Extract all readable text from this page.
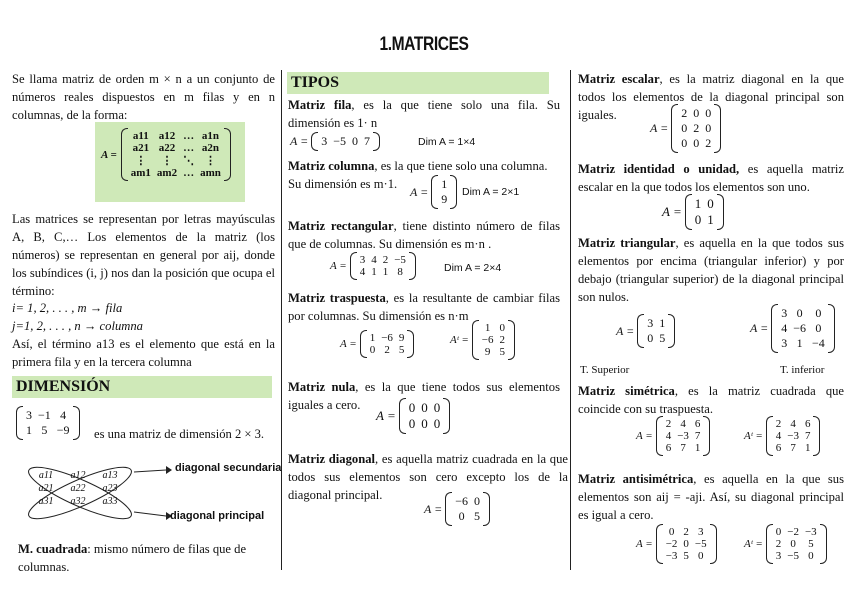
1.MATRICES
Se llama matriz de orden m × n a un conjunto de números reales dispuestos en m filas y en n columnas, de la forma:
A =
a11 a12 … a1n
a21 a22 … a2n
⋮	⋮ ⋱ ⋮
am1 am2 … amn
Las matrices se representan por letras mayúsculas A, B, C,… Los elementos de la matriz (los números) se representan en general por aij, donde los subíndices (i, j) nos dan la posición que ocupa el término:
i= 1, 2, . . . , m → fila
j=1, 2, . . . , n → columna
Así, el término a13 es el elemento que está en la primera fila y en la tercera columna
DIMENSIÓN
3 −1 4
1 5 −9 es una matriz de dimensión 2 × 3.
a11	a12	a13
a21	a22	a23
a31	a32	a33
diagonal secundaria
diagonal principal
M. cuadrada: mismo número de filas que de columnas.
TIPOS
Matriz fila, es la que tiene solo una fila. Su dimensión es 1· n
A = 3 −5 0 7	Dim A = 1×4
Matriz columna, es la que tiene solo una columna. Su dimensión es m·1.
A =
1
9 Dim A = 2×1
Matriz rectangular, tiene distinto número de filas que de columnas. Su dimensión es m·n .
A = 3 4 2 −5
4 1 1 8	Dim A = 2×4
Matriz traspuesta, es la resultante de cambiar filas por columnas. Su dimensión es n·m
A = 1 −6 9
0 2 5
Aᵗ =
1 0
−6 2
9 5
Matriz nula, es la que tiene todos sus elementos iguales a cero.
A =
0 0 0
0 0 0
Matriz diagonal, es aquella matriz cuadrada en la que todos sus elementos son cero excepto los de la diagonal principal.
A =
−6 0
0 5
Matriz escalar, es la matriz diagonal en la que todos los elementos de la diagonal principal son iguales.
A =
2 0 0
0 2 0
0 0 2
Matriz identidad o unidad, es aquella matriz escalar en la que todos los elementos son uno.
A =
1 0
0 1
Matriz triangular, es aquella en la que todos sus elementos por encima (triangular inferior) y por debajo (triangular superior) de la diagonal principal son nulos.
A =
3 1
0 5
A =
3 0	0
4 −6 0
3 1 −4
T. Superior	T. inferior
Matriz simétrica, es la matriz cuadrada que coincide con su traspuesta.
A =
2 4 6
4 −3 7
6 7 1
Aᵗ =
2 4 6
4 −3 7
6 7 1
Matriz antisimétrica, es aquella en la que sus elementos son aij = -aji. Así, su diagonal principal es igual a cero.
A =
0 2 3
−2 0 −5
−3 5 0
Aᵗ =
0 −2 −3
2 0	5
3 −5 0
